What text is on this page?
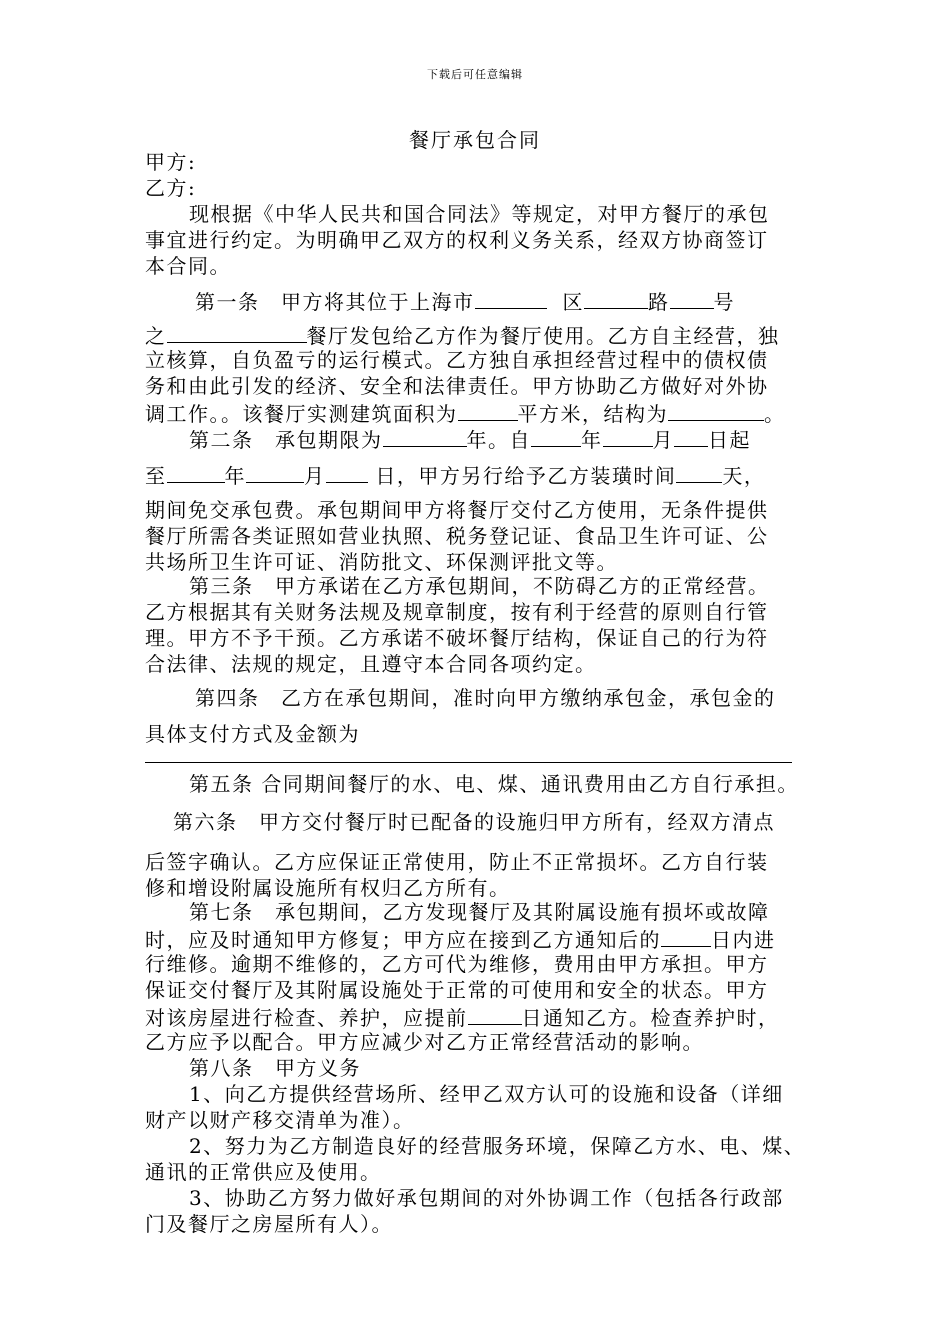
下载后可任意编辑
餐厅承包合同
甲方:
乙方:
现根据《中华人民共和国合同法》等规定，对甲方餐厅的承包
事宜进行约定。为明确甲乙双方的权利义务关系，经双方协商签订
本合同。
第一条　甲方将其位于上海市	区	路 号
之	餐厅发包给乙方作为餐厅使用。乙方自主经营，独
立核算，自负盈亏的运行模式。乙方独自承担经营过程中的债权债
务和由此引发的经济、安全和法律责任。甲方协助乙方做好对外协
调工作。。该餐厅实测建筑面积为	平方米，结构为	。
第二条　承包期限为	年。自	年	月 日起
至	年	月 日，甲方另行给予乙方装璜时间 天，
期间免交承包费。承包期间甲方将餐厅交付乙方使用，无条件提供
餐厅所需各类证照如营业执照、税务登记证、食品卫生许可证、公
共场所卫生许可证、消防批文、环保测评批文等。
第三条　甲方承诺在乙方承包期间，不防碍乙方的正常经营。
乙方根据其有关财务法规及规章制度，按有利于经营的原则自行管
理。甲方不予干预。乙方承诺不破坏餐厅结构，保证自己的行为符
合法律、法规的规定，且遵守本合同各项约定。
第四条　乙方在承包期间，准时向甲方缴纳承包金，承包金的
具体支付方式及金额为
第五条 合同期间餐厅的水、电、煤、通讯费用由乙方自行承担。
第六条　甲方交付餐厅时已配备的设施归甲方所有，经双方清点
后签字确认。乙方应保证正常使用，防止不正常损坏。乙方自行装
修和增设附属设施所有权归乙方所有。
第七条　承包期间，乙方发现餐厅及其附属设施有损坏或故障
时，应及时通知甲方修复；甲方应在接到乙方通知后的	日内进
行维修。逾期不维修的，乙方可代为维修，费用由甲方承担。甲方
保证交付餐厅及其附属设施处于正常的可使用和安全的状态。甲方
对该房屋进行检查、养护，应提前	日通知乙方。检查养护时，
乙方应予以配合。甲方应减少对乙方正常经营活动的影响。
第八条　甲方义务
1、向乙方提供经营场所、经甲乙双方认可的设施和设备（详细
财产以财产移交清单为准）。
2、努力为乙方制造良好的经营服务环境，保障乙方水、电、煤、
通讯的正常供应及使用。
3、协助乙方努力做好承包期间的对外协调工作（包括各行政部
门及餐厅之房屋所有人）。
